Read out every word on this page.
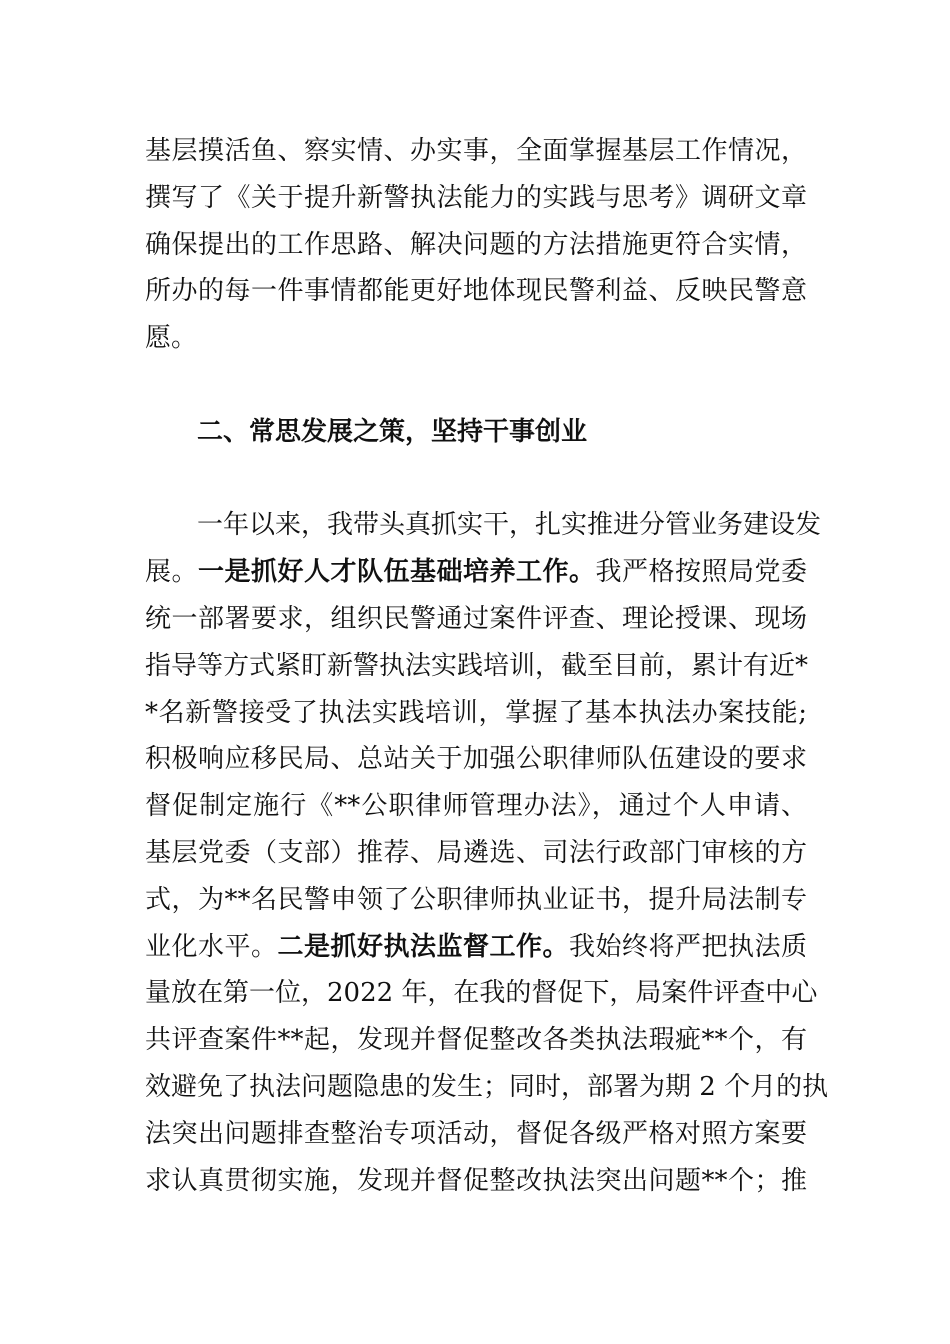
基层摸活鱼、察实情、办实事，全面掌握基层工作情况，
撰写了《关于提升新警执法能力的实践与思考》调研文章
确保提出的工作思路、解决问题的方法措施更符合实情，
所办的每一件事情都能更好地体现民警利益、反映民警意
愿。
二、常思发展之策，坚持干事创业
一年以来，我带头真抓实干，扎实推进分管业务建设发
展。一是抓好人才队伍基础培养工作。我严格按照局党委
统一部署要求，组织民警通过案件评查、理论授课、现场
指导等方式紧盯新警执法实践培训，截至目前，累计有近*
*名新警接受了执法实践培训，掌握了基本执法办案技能;
积极响应移民局、总站关于加强公职律师队伍建设的要求
督促制定施行《**公职律师管理办法》，通过个人申请、
基层党委（支部）推荐、局遴选、司法行政部门审核的方
式，为**名民警申领了公职律师执业证书，提升局法制专
业化水平。二是抓好执法监督工作。我始终将严把执法质
量放在第一位，2022 年，在我的督促下，局案件评查中心
共评查案件**起，发现并督促整改各类执法瑕疵**个，有
效避免了执法问题隐患的发生；同时，部署为期 2 个月的执
法突出问题排查整治专项活动，督促各级严格对照方案要
求认真贯彻实施，发现并督促整改执法突出问题**个；推
